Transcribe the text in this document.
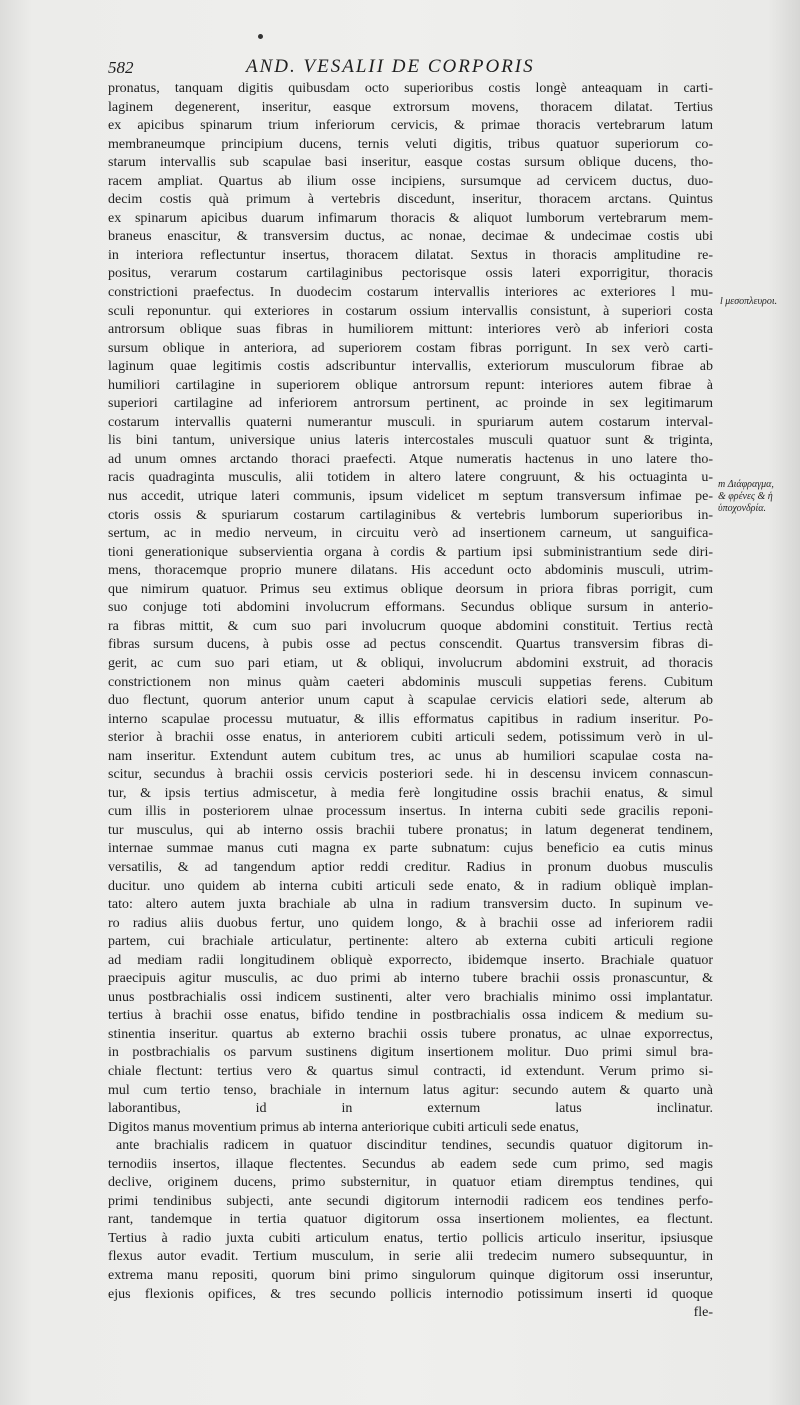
582	AND. VESALII DE CORPORIS
l μεσοπλευροι.
m Διάφραγμα, & φρένες & ἡ ὑποχονδρία.
pronatus, tanquam digitis quibusdam octo superioribus costis longè anteaquam in carti-
laginem degenerent, inseritur, easque extrorsum movens, thoracem dilatat. Tertius
ex apicibus spinarum trium inferiorum cervicis, & primae thoracis vertebrarum latum
membraneumque principium ducens, ternis veluti digitis, tribus quatuor superiorum co-
starum intervallis sub scapulae basi inseritur, easque costas sursum oblique ducens, tho-
racem ampliat. Quartus ab ilium osse incipiens, sursumque ad cervicem ductus, duo-
decim costis quà primum à vertebris discedunt, inseritur, thoracem arctans. Quintus
ex spinarum apicibus duarum infimarum thoracis & aliquot lumborum vertebrarum mem-
braneus enascitur, & transversim ductus, ac nonae, decimae & undecimae costis ubi
in interiora reflectuntur insertus, thoracem dilatat. Sextus in thoracis amplitudine re-
positus, verarum costarum cartilaginibus pectorisque ossis lateri exporrigitur, thoracis
constrictioni praefectus. In duodecim costarum intervallis interiores ac exteriores l mu-
sculi reponuntur. qui exteriores in costarum ossium intervallis consistunt, à superiori costa
antrorsum oblique suas fibras in humiliorem mittunt: interiores verò ab inferiori costa
sursum oblique in anteriora, ad superiorem costam fibras porrigunt. In sex verò carti-
laginum quae legitimis costis adscribuntur intervallis, exteriorum musculorum fibrae ab
humiliori cartilagine in superiorem oblique antrorsum repunt: interiores autem fibrae à
superiori cartilagine ad inferiorem antrorsum pertinent, ac proinde in sex legitimarum
costarum intervallis quaterni numerantur musculi. in spuriarum autem costarum interval-
lis bini tantum, universique unius lateris intercostales musculi quatuor sunt & triginta,
ad unum omnes arctando thoraci praefecti. Atque numeratis hactenus in uno latere tho-
racis quadraginta musculis, alii totidem in altero latere congruunt, & his octuaginta u-
nus accedit, utrique lateri communis, ipsum videlicet m septum transversum infimae pe-
ctoris ossis & spuriarum costarum cartilaginibus & vertebris lumborum superioribus in-
sertum, ac in medio nerveum, in circuitu verò ad insertionem carneum, ut sanguifica-
tioni generationique subservientia organa à cordis & partium ipsi subministrantium sede diri-
mens, thoracemque proprio munere dilatans. His accedunt octo abdominis musculi, utrim-
que nimirum quatuor. Primus seu extimus oblique deorsum in priora fibras porrigit, cum
suo conjuge toti abdomini involucrum efformans. Secundus oblique sursum in anterio-
ra fibras mittit, & cum suo pari involucrum quoque abdomini constituit. Tertius rectà
fibras sursum ducens, à pubis osse ad pectus conscendit. Quartus transversim fibras di-
gerit, ac cum suo pari etiam, ut & obliqui, involucrum abdomini exstruit, ad thoracis
constrictionem non minus quàm caeteri abdominis musculi suppetias ferens. Cubitum
duo flectunt, quorum anterior unum caput à scapulae cervicis elatiori sede, alterum ab
interno scapulae processu mutuatur, & illis efformatus capitibus in radium inseritur. Po-
sterior à brachii osse enatus, in anteriorem cubiti articuli sedem, potissimum verò in ul-
nam inseritur. Extendunt autem cubitum tres, ac unus ab humiliori scapulae costa na-
scitur, secundus à brachii ossis cervicis posteriori sede. hi in descensu invicem connascun-
tur, & ipsis tertius admiscetur, à media ferè longitudine ossis brachii enatus, & simul
cum illis in posteriorem ulnae processum insertus. In interna cubiti sede gracilis reponi-
tur musculus, qui ab interno ossis brachii tubere pronatus; in latum degenerat tendinem,
internae summae manus cuti magna ex parte subnatum: cujus beneficio ea cutis minus
versatilis, & ad tangendum aptior reddi creditur. Radius in pronum duobus musculis
ducitur. uno quidem ab interna cubiti articuli sede enato, & in radium obliquè implan-
tato: altero autem juxta brachiale ab ulna in radium transversim ducto. In supinum ve-
ro radius aliis duobus fertur, uno quidem longo, & à brachii osse ad inferiorem radii
partem, cui brachiale articulatur, pertinente: altero ab externa cubiti articuli regione
ad mediam radii longitudinem obliquè exporrecto, ibidemque inserto. Brachiale quatuor
praecipuis agitur musculis, ac duo primi ab interno tubere brachii ossis pronascuntur, &
unus postbrachialis ossi indicem sustinenti, alter vero brachialis minimo ossi implantatur.
tertius à brachii osse enatus, bifido tendine in postbrachialis ossa indicem & medium su-
stinentia inseritur. quartus ab externo brachii ossis tubere pronatus, ac ulnae exporrectus,
in postbrachialis os parvum sustinens digitum insertionem molitur. Duo primi simul bra-
chiale flectunt: tertius vero & quartus simul contracti, id extendunt. Verum primo si-
mul cum tertio tenso, brachiale in internum latus agitur: secundo autem & quarto unà
laborantibus, id in externum latus inclinatur.
Digitos manus moventium primus ab interna anteriorique cubiti articuli sede enatus,
ante brachialis radicem in quatuor discinditur tendines, secundis quatuor digitorum in-
ternodiis insertos, illaque flectentes. Secundus ab eadem sede cum primo, sed magis
declive, originem ducens, primo substernitur, in quatuor etiam diremptus tendines, qui
primi tendinibus subjecti, ante secundi digitorum internodii radicem eos tendines perfo-
rant, tandemque in tertia quatuor digitorum ossa insertionem molientes, ea flectunt.
Tertius à radio juxta cubiti articulum enatus, tertio pollicis articulo inseritur, ipsiusque
flexus autor evadit. Tertium musculum, in serie alii tredecim numero subsequuntur, in
extrema manu repositi, quorum bini primo singulorum quinque digitorum ossi inseruntur,
ejus flexionis opifices, & tres secundo pollicis internodio potissimum inserti id quoque
fle-
